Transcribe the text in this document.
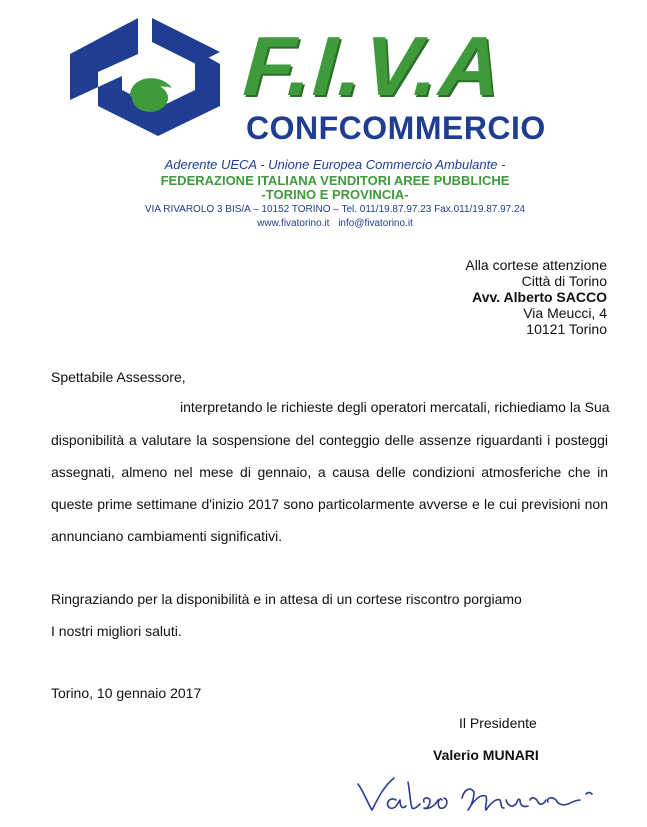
F.I.V.A
CONFCOMMERCIO
Aderente UECA - Unione Europea Commercio Ambulante -
FEDERAZIONE ITALIANA VENDITORI AREE PUBBLICHE
-TORINO E PROVINCIA-
VIA RIVAROLO 3 BIS/A – 10152 TORINO – Tel. 011/19.87.97.23 Fax.011/19.87.97.24
www.fivatorino.it info@fivatorino.it
Alla cortese attenzione
Città di Torino
Avv. Alberto SACCO
Via Meucci, 4
10121 Torino
Spettabile Assessore,
interpretando le richieste degli operatori mercatali, richiediamo la Sua
disponibilità a valutare la sospensione del conteggio delle assenze riguardanti i posteggi
assegnati, almeno nel mese di gennaio, a causa delle condizioni atmosferiche che in
queste prime settimane d'inizio 2017 sono particolarmente avverse e le cui previsioni non
annunciano cambiamenti significativi.
Ringraziando per la disponibilità e in attesa di un cortese riscontro porgiamo
I nostri migliori saluti.
Torino, 10 gennaio 2017
Il Presidente
Valerio MUNARI
